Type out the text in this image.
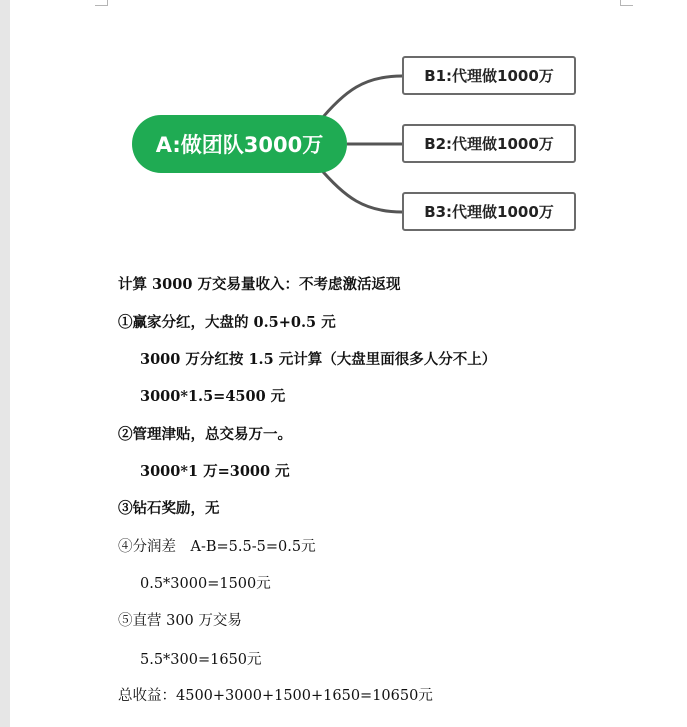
A:做团队3000万
B1:代理做1000万
B2:代理做1000万
B3:代理做1000万
计算 3000 万交易量收入：不考虑激活返现
①赢家分红，大盘的 0.5+0.5 元
3000 万分红按 1.5 元计算（大盘里面很多人分不上）
3000*1.5=4500 元
②管理津贴，总交易万一。
3000*1 万=3000 元
③钻石奖励，无
④分润差　A-B=5.5-5=0.5元
0.5*3000=1500元
⑤直营 300 万交易
5.5*300=1650元
总收益：4500+3000+1500+1650=10650元
